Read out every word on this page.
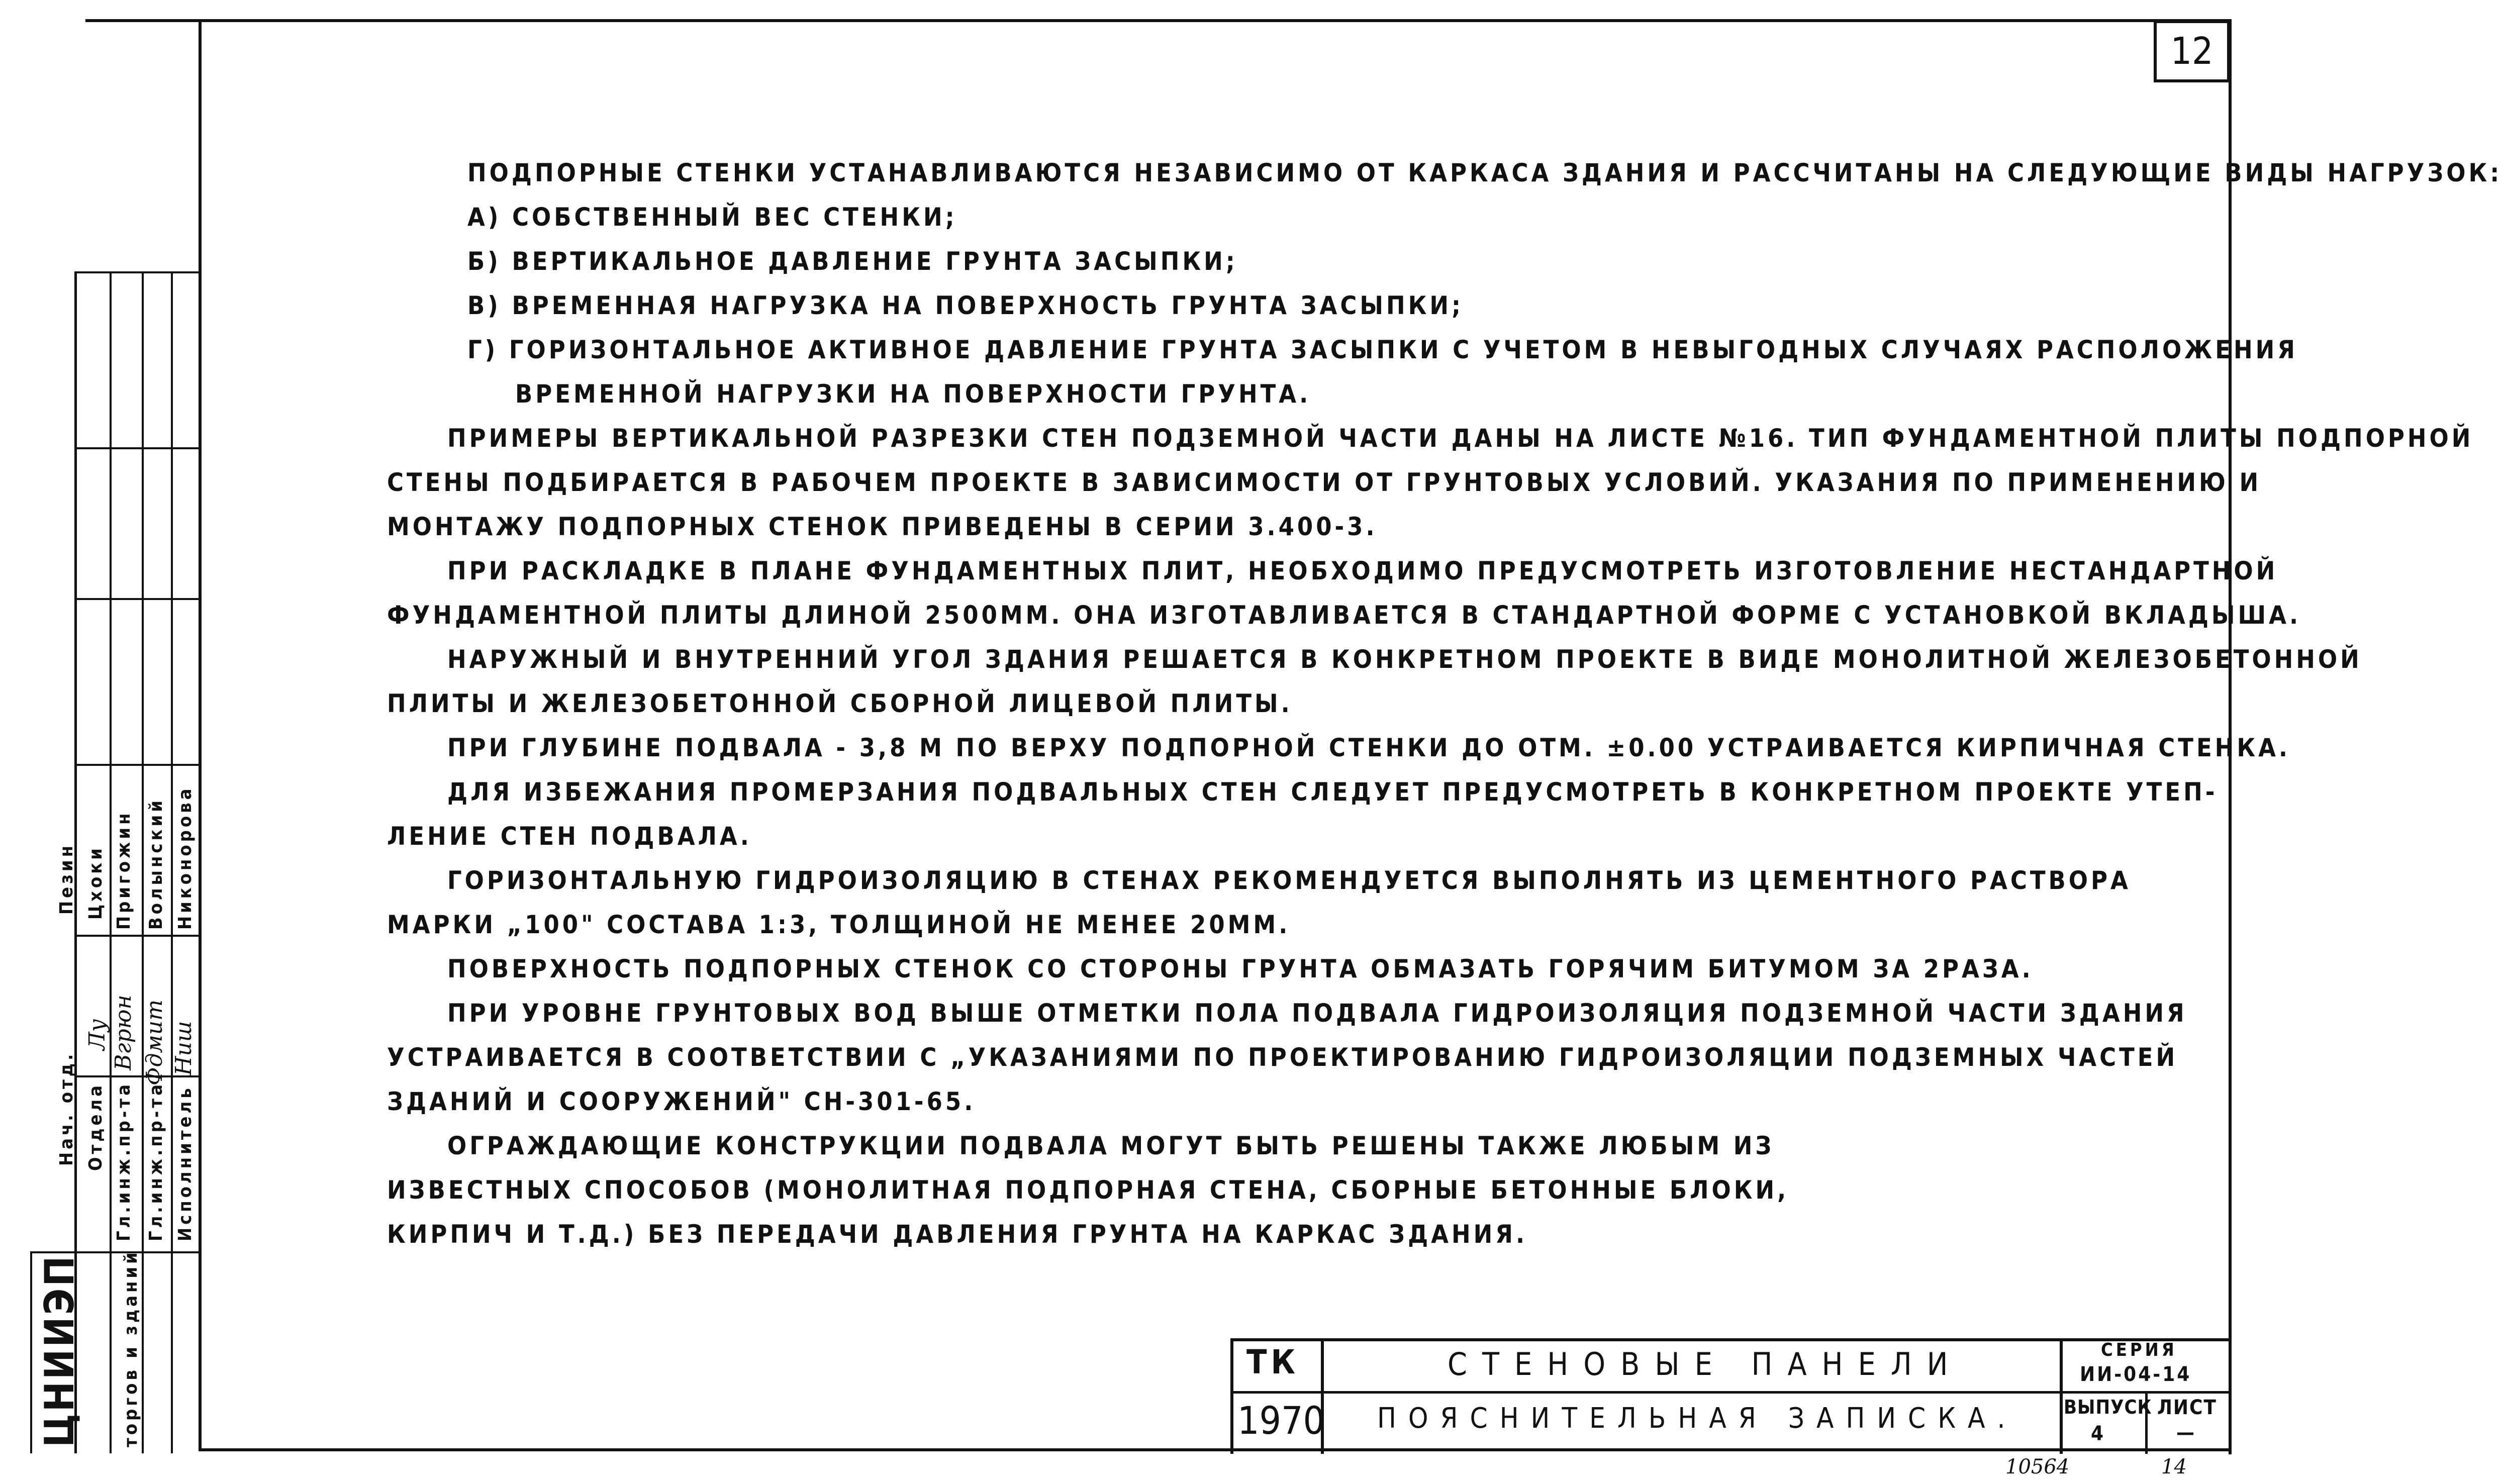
12
ПОДПОРНЫЕ СТЕНКИ УСТАНАВЛИВАЮТСЯ НЕЗАВИСИМО ОТ КАРКАСА ЗДАНИЯ И РАССЧИТАНЫ НА СЛЕДУЮЩИЕ ВИДЫ НАГРУЗОК:
А) СОБСТВЕННЫЙ ВЕС СТЕНКИ;
Б) ВЕРТИКАЛЬНОЕ ДАВЛЕНИЕ ГРУНТА ЗАСЫПКИ;
В) ВРЕМЕННАЯ НАГРУЗКА НА ПОВЕРХНОСТЬ ГРУНТА ЗАСЫПКИ;
Г) ГОРИЗОНТАЛЬНОЕ АКТИВНОЕ ДАВЛЕНИЕ ГРУНТА ЗАСЫПКИ С УЧЕТОМ В НЕВЫГОДНЫХ СЛУЧАЯХ РАСПОЛОЖЕНИЯ
ВРЕМЕННОЙ НАГРУЗКИ НА ПОВЕРХНОСТИ ГРУНТА.
ПРИМЕРЫ ВЕРТИКАЛЬНОЙ РАЗРЕЗКИ СТЕН ПОДЗЕМНОЙ ЧАСТИ ДАНЫ НА ЛИСТЕ №16. ТИП ФУНДАМЕНТНОЙ ПЛИТЫ ПОДПОРНОЙ
СТЕНЫ ПОДБИРАЕТСЯ В РАБОЧЕМ ПРОЕКТЕ В ЗАВИСИМОСТИ ОТ ГРУНТОВЫХ УСЛОВИЙ. УКАЗАНИЯ ПО ПРИМЕНЕНИЮ И
МОНТАЖУ ПОДПОРНЫХ СТЕНОК ПРИВЕДЕНЫ В СЕРИИ 3.400-3.
ПРИ РАСКЛАДКЕ В ПЛАНЕ ФУНДАМЕНТНЫХ ПЛИТ, НЕОБХОДИМО ПРЕДУСМОТРЕТЬ ИЗГОТОВЛЕНИЕ НЕСТАНДАРТНОЙ
ФУНДАМЕНТНОЙ ПЛИТЫ ДЛИНОЙ 2500ММ. ОНА ИЗГОТАВЛИВАЕТСЯ В СТАНДАРТНОЙ ФОРМЕ С УСТАНОВКОЙ ВКЛАДЫША.
НАРУЖНЫЙ И ВНУТРЕННИЙ УГОЛ ЗДАНИЯ РЕШАЕТСЯ В КОНКРЕТНОМ ПРОЕКТЕ В ВИДЕ МОНОЛИТНОЙ ЖЕЛЕЗОБЕТОННОЙ
ПЛИТЫ И ЖЕЛЕЗОБЕТОННОЙ СБОРНОЙ ЛИЦЕВОЙ ПЛИТЫ.
ПРИ ГЛУБИНЕ ПОДВАЛА - 3,8 М ПО ВЕРХУ ПОДПОРНОЙ СТЕНКИ ДО ОТМ. ±0.00 УСТРАИВАЕТСЯ КИРПИЧНАЯ СТЕНКА.
ДЛЯ ИЗБЕЖАНИЯ ПРОМЕРЗАНИЯ ПОДВАЛЬНЫХ СТЕН СЛЕДУЕТ ПРЕДУСМОТРЕТЬ В КОНКРЕТНОМ ПРОЕКТЕ УТЕП-
ЛЕНИЕ СТЕН ПОДВАЛА.
ГОРИЗОНТАЛЬНУЮ ГИДРОИЗОЛЯЦИЮ В СТЕНАХ РЕКОМЕНДУЕТСЯ ВЫПОЛНЯТЬ ИЗ ЦЕМЕНТНОГО РАСТВОРА
МАРКИ „100" СОСТАВА 1:3, ТОЛЩИНОЙ НЕ МЕНЕЕ 20ММ.
ПОВЕРХНОСТЬ ПОДПОРНЫХ СТЕНОК СО СТОРОНЫ ГРУНТА ОБМАЗАТЬ ГОРЯЧИМ БИТУМОМ ЗА 2РАЗА.
ПРИ УРОВНЕ ГРУНТОВЫХ ВОД ВЫШЕ ОТМЕТКИ ПОЛА ПОДВАЛА ГИДРОИЗОЛЯЦИЯ ПОДЗЕМНОЙ ЧАСТИ ЗДАНИЯ
УСТРАИВАЕТСЯ В СООТВЕТСТВИИ С „УКАЗАНИЯМИ ПО ПРОЕКТИРОВАНИЮ ГИДРОИЗОЛЯЦИИ ПОДЗЕМНЫХ ЧАСТЕЙ
ЗДАНИЙ И СООРУЖЕНИЙ" СН-301-65.
ОГРАЖДАЮЩИЕ КОНСТРУКЦИИ ПОДВАЛА МОГУТ БЫТЬ РЕШЕНЫ ТАКЖЕ ЛЮБЫМ ИЗ
ИЗВЕСТНЫХ СПОСОБОВ (МОНОЛИТНАЯ ПОДПОРНАЯ СТЕНА, СБОРНЫЕ БЕТОННЫЕ БЛОКИ,
КИРПИЧ И Т.Д.) БЕЗ ПЕРЕДАЧИ ДАВЛЕНИЯ ГРУНТА НА КАРКАС ЗДАНИЯ.
Исполнитель
Гл.инж.пр-та
Гл.инж.пр-та
Отдела
Нач. отд.
Ниш
Фдмит
Вгрюн
Лу
Никонорова
Волынский
Пригожин
Цхоки
Пезин
ЦНИИЭП торгов и зданий	ТК
1970
СТЕНОВЫЕ ПАНЕЛИ
ПОЯСНИТЕЛЬНАЯ ЗАПИСКА.
СЕРИЯ
ИИ-04-14
ВЫПУСК
4
ЛИСТ
—
10564	14
